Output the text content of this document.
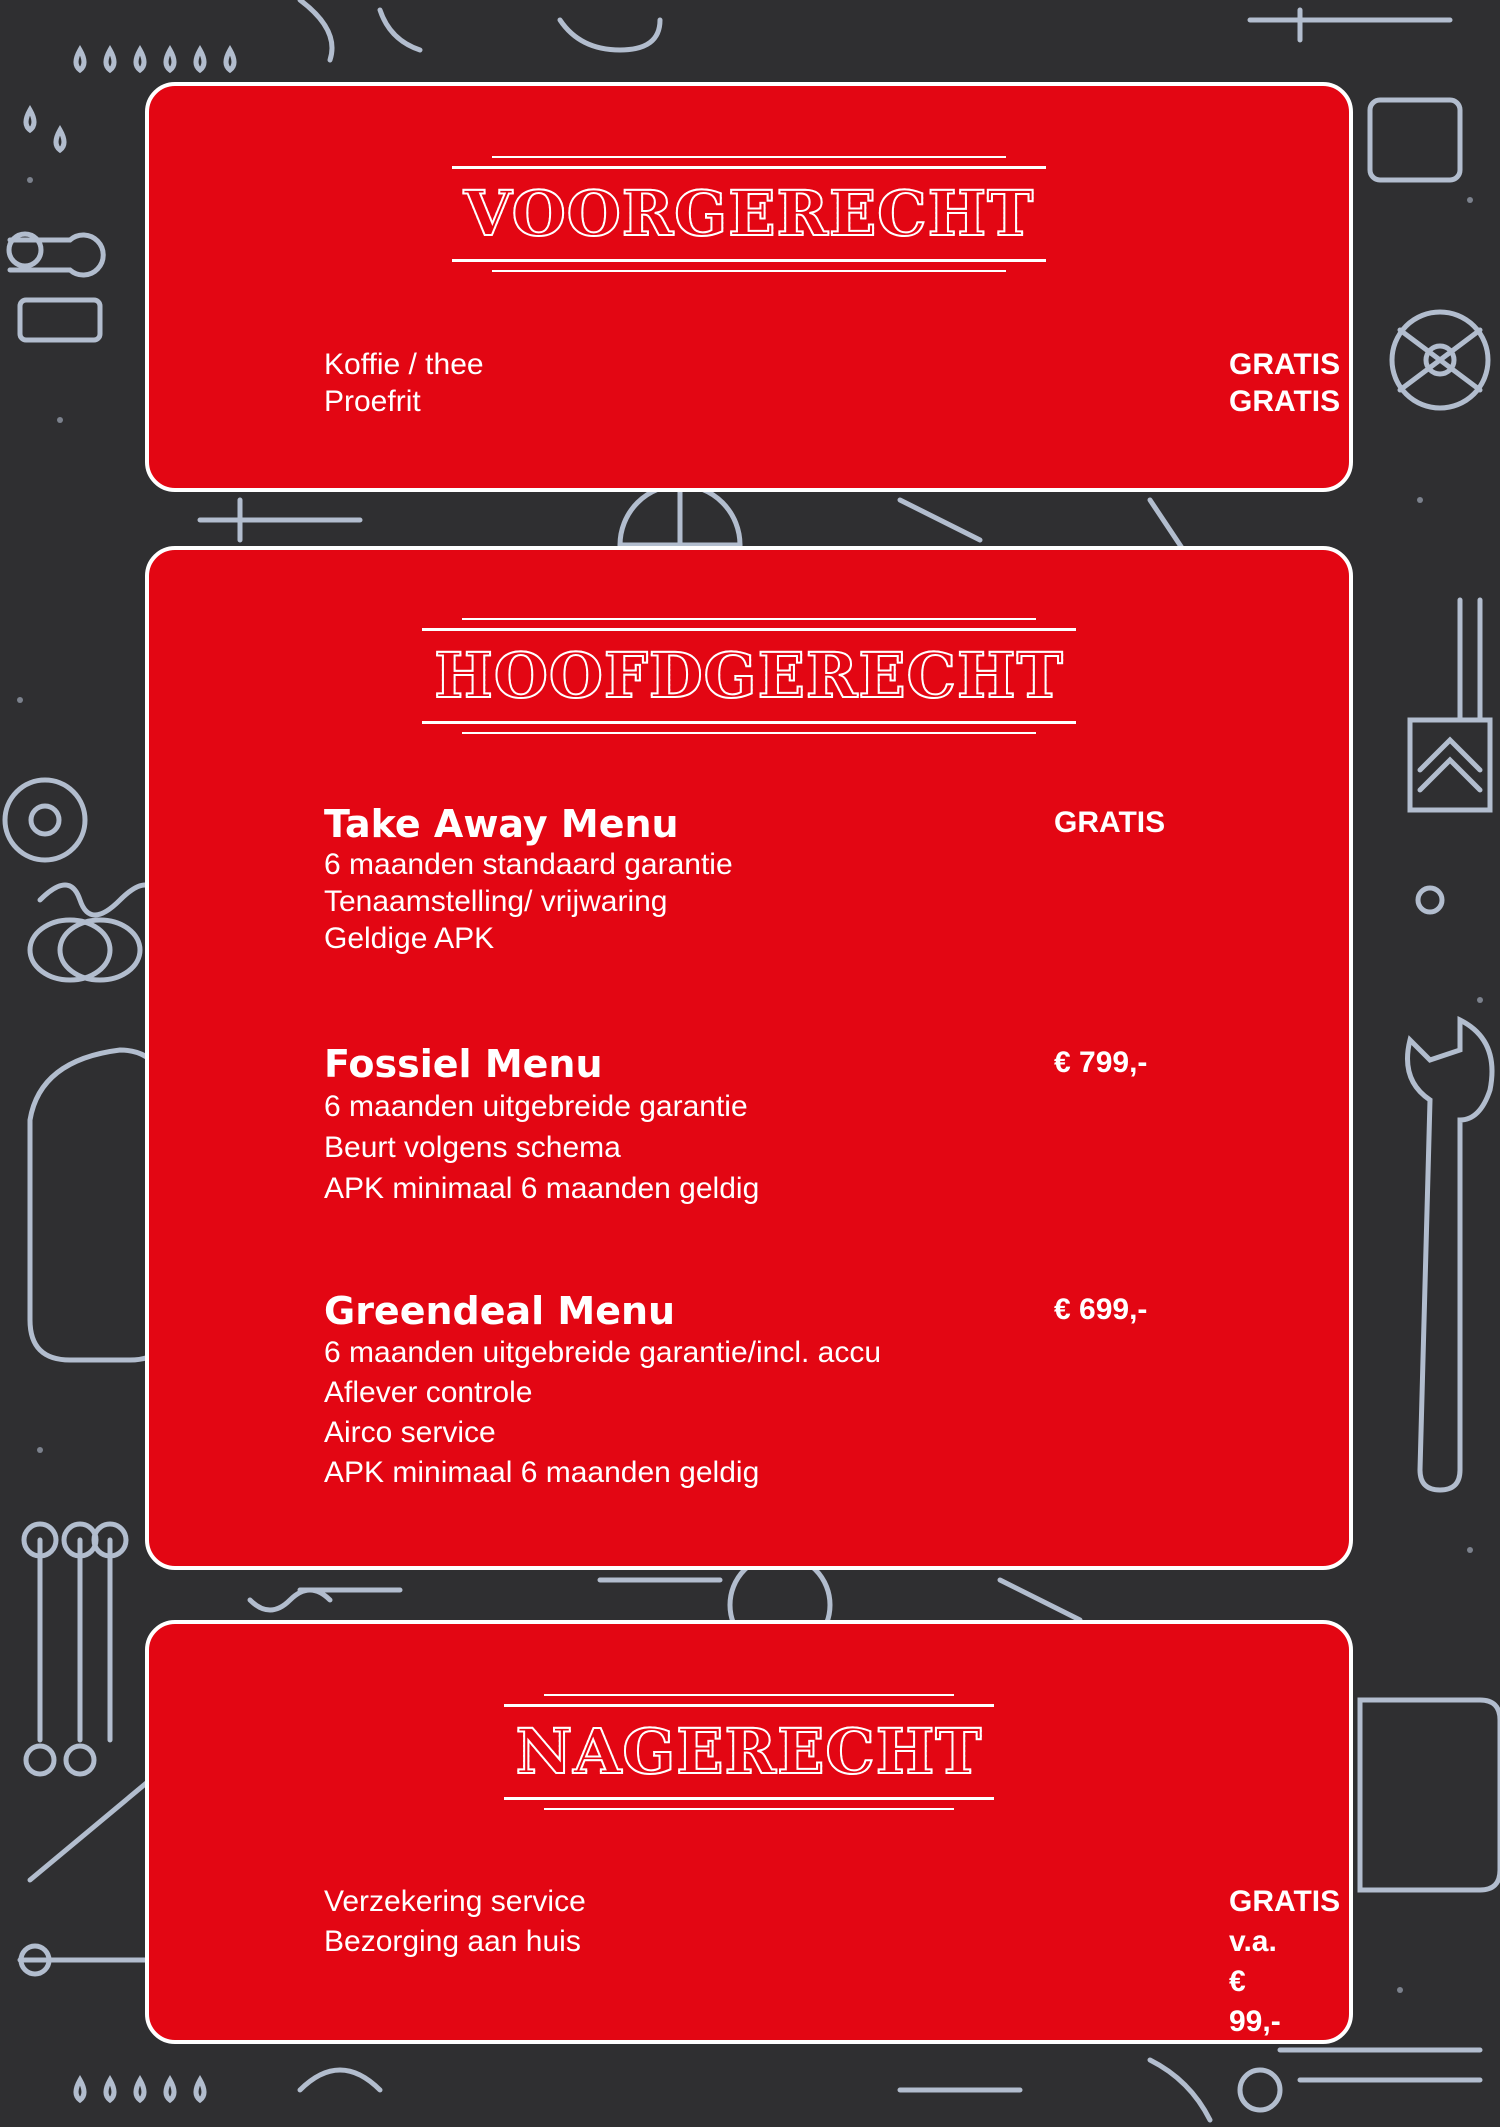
VOORGERECHT
Koffie / thee	GRATIS
Proefrit	GRATIS
HOOFDGERECHT
Take Away Menu
6 maanden standaard garantie
Tenaamstelling/ vrijwaring
Geldige APK
GRATIS
Fossiel Menu
6 maanden uitgebreide garantie
Beurt volgens schema
APK minimaal 6 maanden geldig
€ 799,-
Greendeal Menu
6 maanden uitgebreide garantie/incl. accu
Aflever controle
Airco service
APK minimaal 6 maanden geldig
€ 699,-
NAGERECHT
Verzekering service	GRATIS
Bezorging aan huis	v.a. € 99,-
